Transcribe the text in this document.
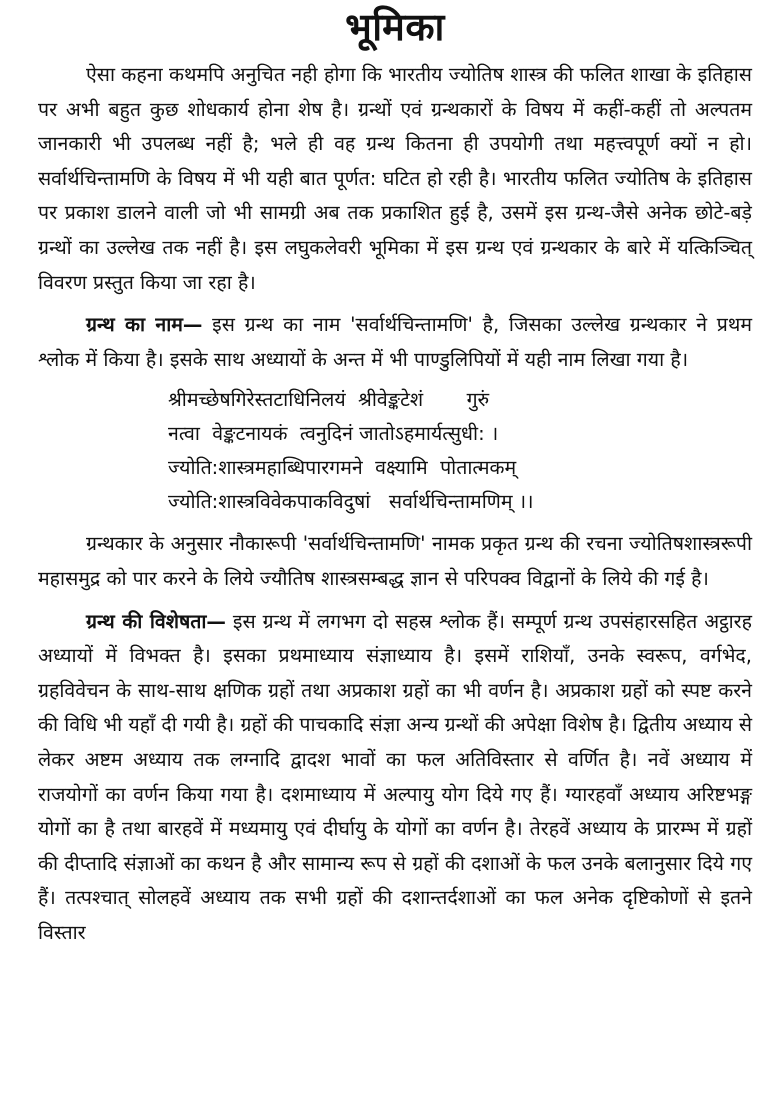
भूमिका

ऐसा कहना कथमपि अनुचित नही होगा कि भारतीय ज्योतिष शास्त्र की फलित शाखा के इतिहास पर अभी बहुत कुछ शोधकार्य होना शेष है। ग्रन्थों एवं ग्रन्थकारों के विषय में कहीं-कहीं तो अल्पतम जानकारी भी उपलब्ध नहीं है; भले ही वह ग्रन्थ कितना ही उपयोगी तथा महत्त्वपूर्ण क्यों न हो। सर्वार्थचिन्तामणि के विषय में भी यही बात पूर्णत: घटित हो रही है। भारतीय फलित ज्योतिष के इतिहास पर प्रकाश डालने वाली जो भी सामग्री अब तक प्रकाशित हुई है, उसमें इस ग्रन्थ-जैसे अनेक छोटे-बड़े ग्रन्थों का उल्लेख तक नहीं है। इस लघुकलेवरी भूमिका में इस ग्रन्थ एवं ग्रन्थकार के बारे में यत्किञ्चित् विवरण प्रस्तुत किया जा रहा है।

ग्रन्थ का नाम— इस ग्रन्थ का नाम 'सर्वार्थचिन्तामणि' है, जिसका उल्लेख ग्रन्थकार ने प्रथम श्लोक में किया है। इसके साथ अध्यायों के अन्त में भी पाण्डुलिपियों में यही नाम लिखा गया है।

श्रीमच्छेषगिरेस्तटाधिनिलयं  श्रीवेङ्कटेशं       गुरुं
नत्वा  वेङ्कटनायकं  त्वनुदिनं जातोऽहमार्यत्सुधी: ।
ज्योति:शास्त्रमहाब्धिपारगमने  वक्ष्यामि  पोतात्मकम्
ज्योति:शास्त्रविवेकपाकविदुषां   सर्वार्थचिन्तामणिम् ।।

ग्रन्थकार के अनुसार नौकारूपी 'सर्वार्थचिन्तामणि' नामक प्रकृत ग्रन्थ की रचना ज्योतिषशास्त्ररूपी महासमुद्र को पार करने के लिये ज्यौतिष शास्त्रसम्बद्ध ज्ञान से परिपक्व विद्वानों के लिये की गई है।

ग्रन्थ की विशेषता— इस ग्रन्थ में लगभग दो सहस्र श्लोक हैं। सम्पूर्ण ग्रन्थ उपसंहारसहित अट्ठारह अध्यायों में विभक्त है। इसका प्रथमाध्याय संज्ञाध्याय है। इसमें राशियाँ, उनके स्वरूप, वर्गभेद, ग्रहविवेचन के साथ-साथ क्षणिक ग्रहों तथा अप्रकाश ग्रहों का भी वर्णन है। अप्रकाश ग्रहों को स्पष्ट करने की विधि भी यहाँ दी गयी है। ग्रहों की पाचकादि संज्ञा अन्य ग्रन्थों की अपेक्षा विशेष है। द्वितीय अध्याय से लेकर अष्टम अध्याय तक लग्नादि द्वादश भावों का फल अतिविस्तार से वर्णित है। नवें अध्याय में राजयोगों का वर्णन किया गया है। दशमाध्याय में अल्पायु योग दिये गए हैं। ग्यारहवाँ अध्याय अरिष्टभङ्ग योगों का है तथा बारहवें में मध्यमायु एवं दीर्घायु के योगों का वर्णन है। तेरहवें अध्याय के प्रारम्भ में ग्रहों की दीप्तादि संज्ञाओं का कथन है और सामान्य रूप से ग्रहों की दशाओं के फल उनके बलानुसार दिये गए हैं। तत्पश्चात् सोलहवें अध्याय तक सभी ग्रहों की दशान्तर्दशाओं का फल अनेक दृष्टिकोणों से इतने विस्तार
